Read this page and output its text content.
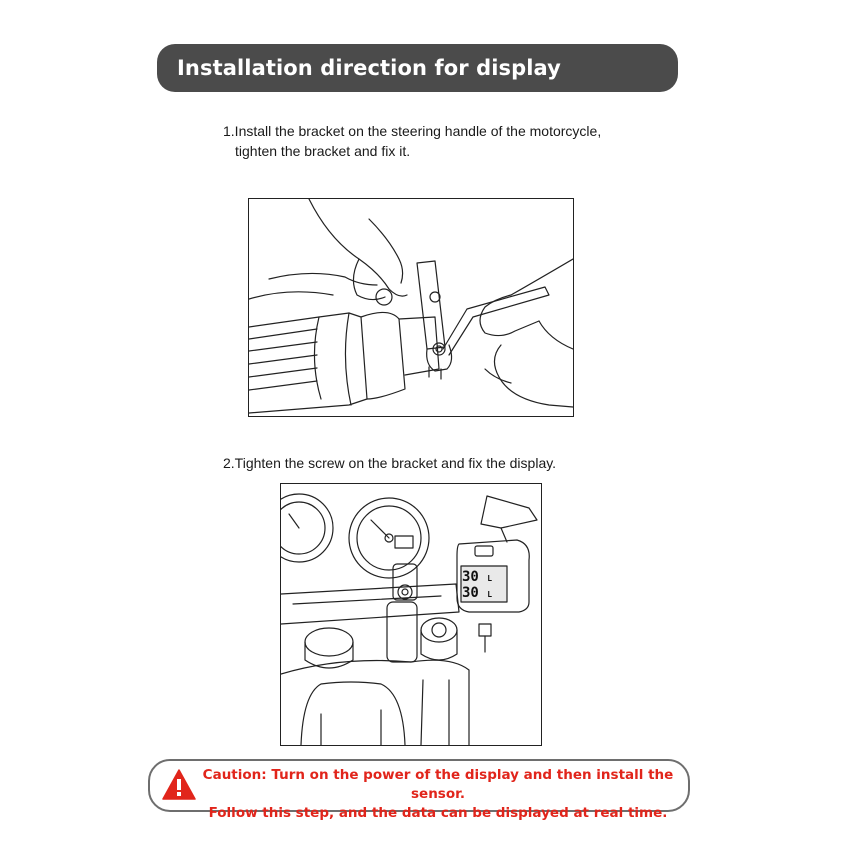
Installation direction for display
1.Install the bracket on the steering handle of the motorcycle,
tighten the bracket and fix it.
2.Tighten the screw on the bracket and fix the display.
30 L
30 L
Caution: Turn on the power of the display and then install the sensor.
Follow this step, and the data can be displayed at real time.
